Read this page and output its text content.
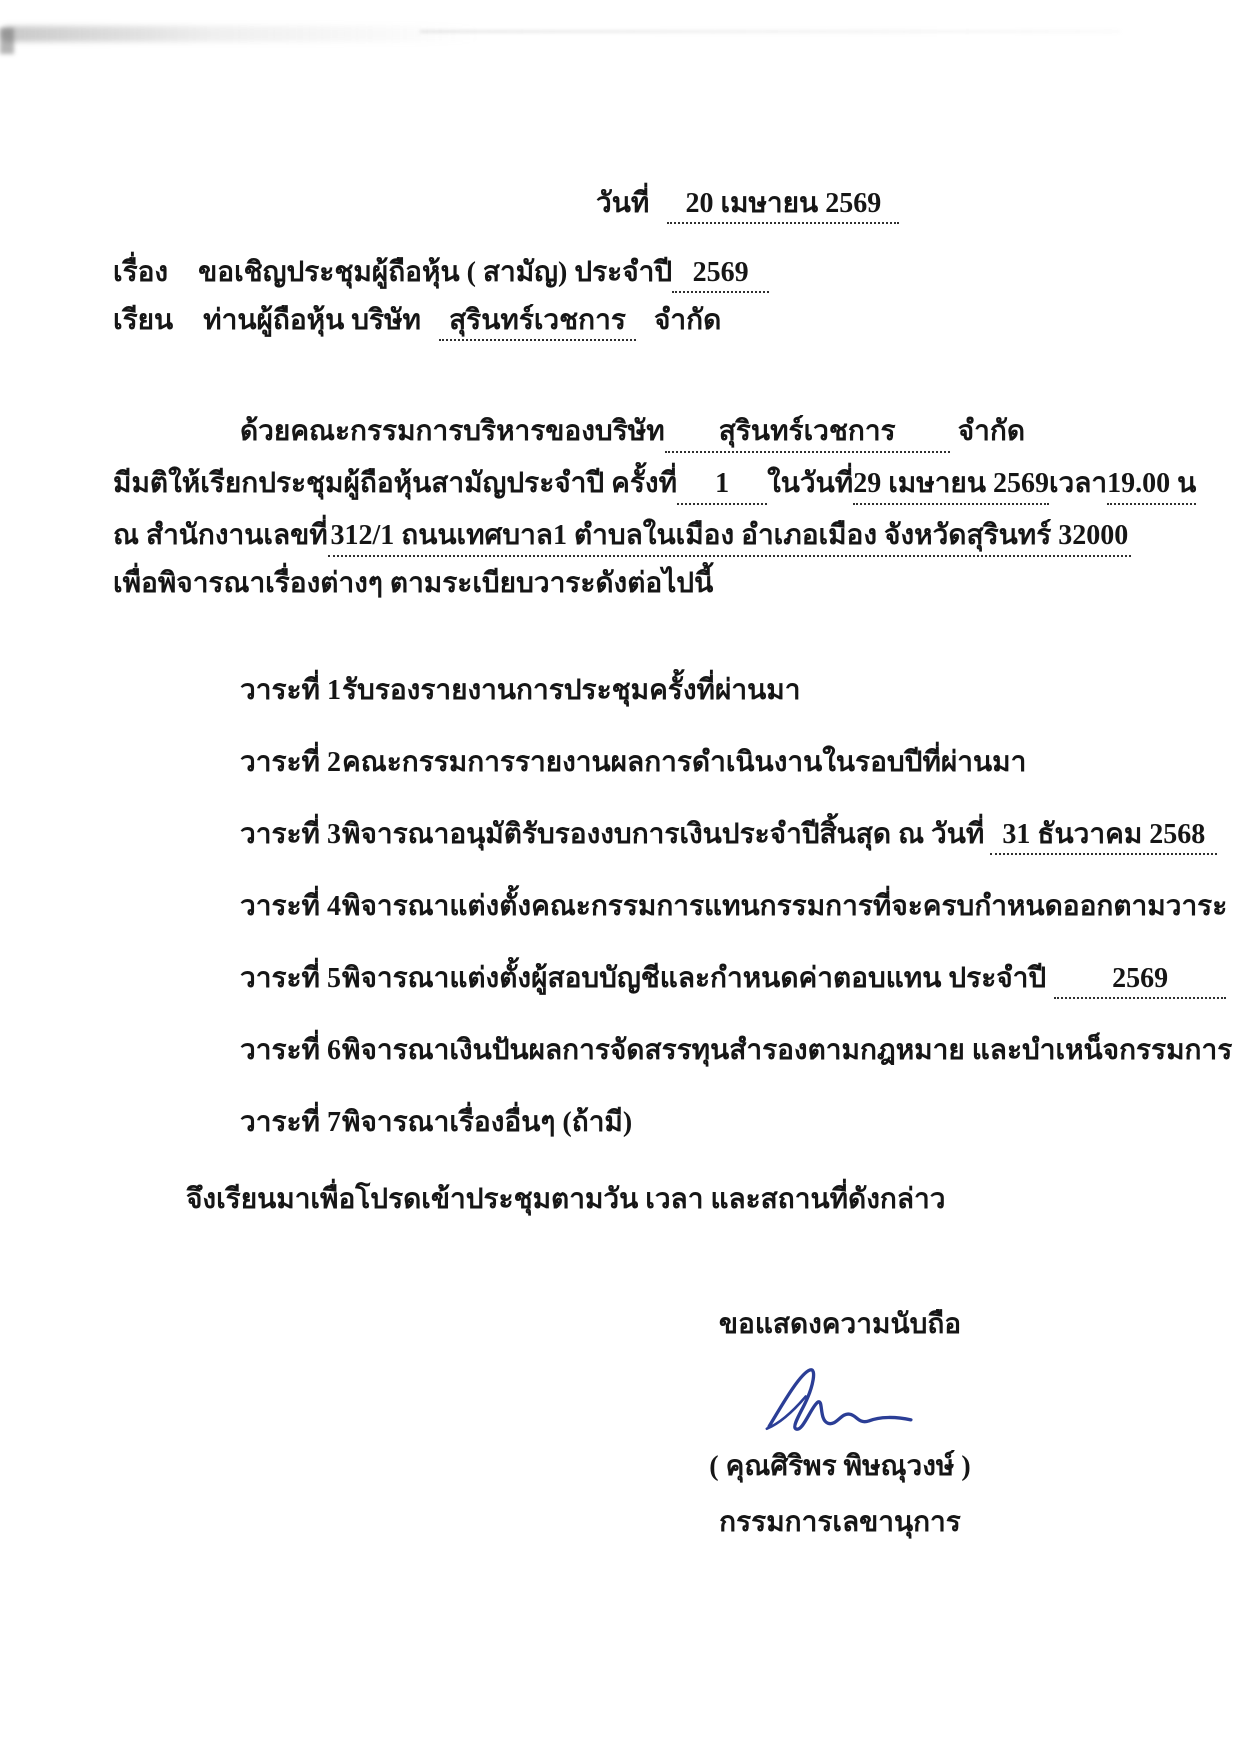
วันที่ 20 เมษายน 2569
เรื่อง ขอเชิญประชุมผู้ถือหุ้น ( สามัญ) ประจำปี 2569
เรียน ท่านผู้ถือหุ้น บริษัท สุรินทร์เวชการ จำกัด
ด้วยคณะกรรมการบริหารของบริษัท	สุรินทร์เวชการ	จำกัด
มีมติให้เรียกประชุมผู้ถือหุ้นสามัญประจำปี ครั้งที่	1	ในวันที่ 29 เมษายน 2569 เวลา 19.00 น
ณ สำนักงานเลขที่ 312/1 ถนนเทศบาล1 ตำบลในเมือง อำเภอเมือง จังหวัดสุรินทร์ 32000
เพื่อพิจารณาเรื่องต่างๆ ตามระเบียบวาระดังต่อไปนี้
วาระที่ 1 รับรองรายงานการประชุมครั้งที่ผ่านมา
วาระที่ 2 คณะกรรมการรายงานผลการดำเนินงานในรอบปีที่ผ่านมา
วาระที่ 3 พิจารณาอนุมัติรับรองงบการเงินประจำปีสิ้นสุด ณ วันที่ 31 ธันวาคม 2568
วาระที่ 4 พิจารณาแต่งตั้งคณะกรรมการแทนกรรมการที่จะครบกำหนดออกตามวาระ
วาระที่ 5 พิจารณาแต่งตั้งผู้สอบบัญชีและกำหนดค่าตอบแทน ประจำปี	2569
วาระที่ 6 พิจารณาเงินปันผลการจัดสรรทุนสำรองตามกฎหมาย และบำเหน็จกรรมการ
วาระที่ 7 พิจารณาเรื่องอื่นๆ (ถ้ามี)
จึงเรียนมาเพื่อโปรดเข้าประชุมตามวัน เวลา และสถานที่ดังกล่าว
ขอแสดงความนับถือ
( คุณศิริพร พิษณุวงษ์ )
กรรมการเลขานุการ
